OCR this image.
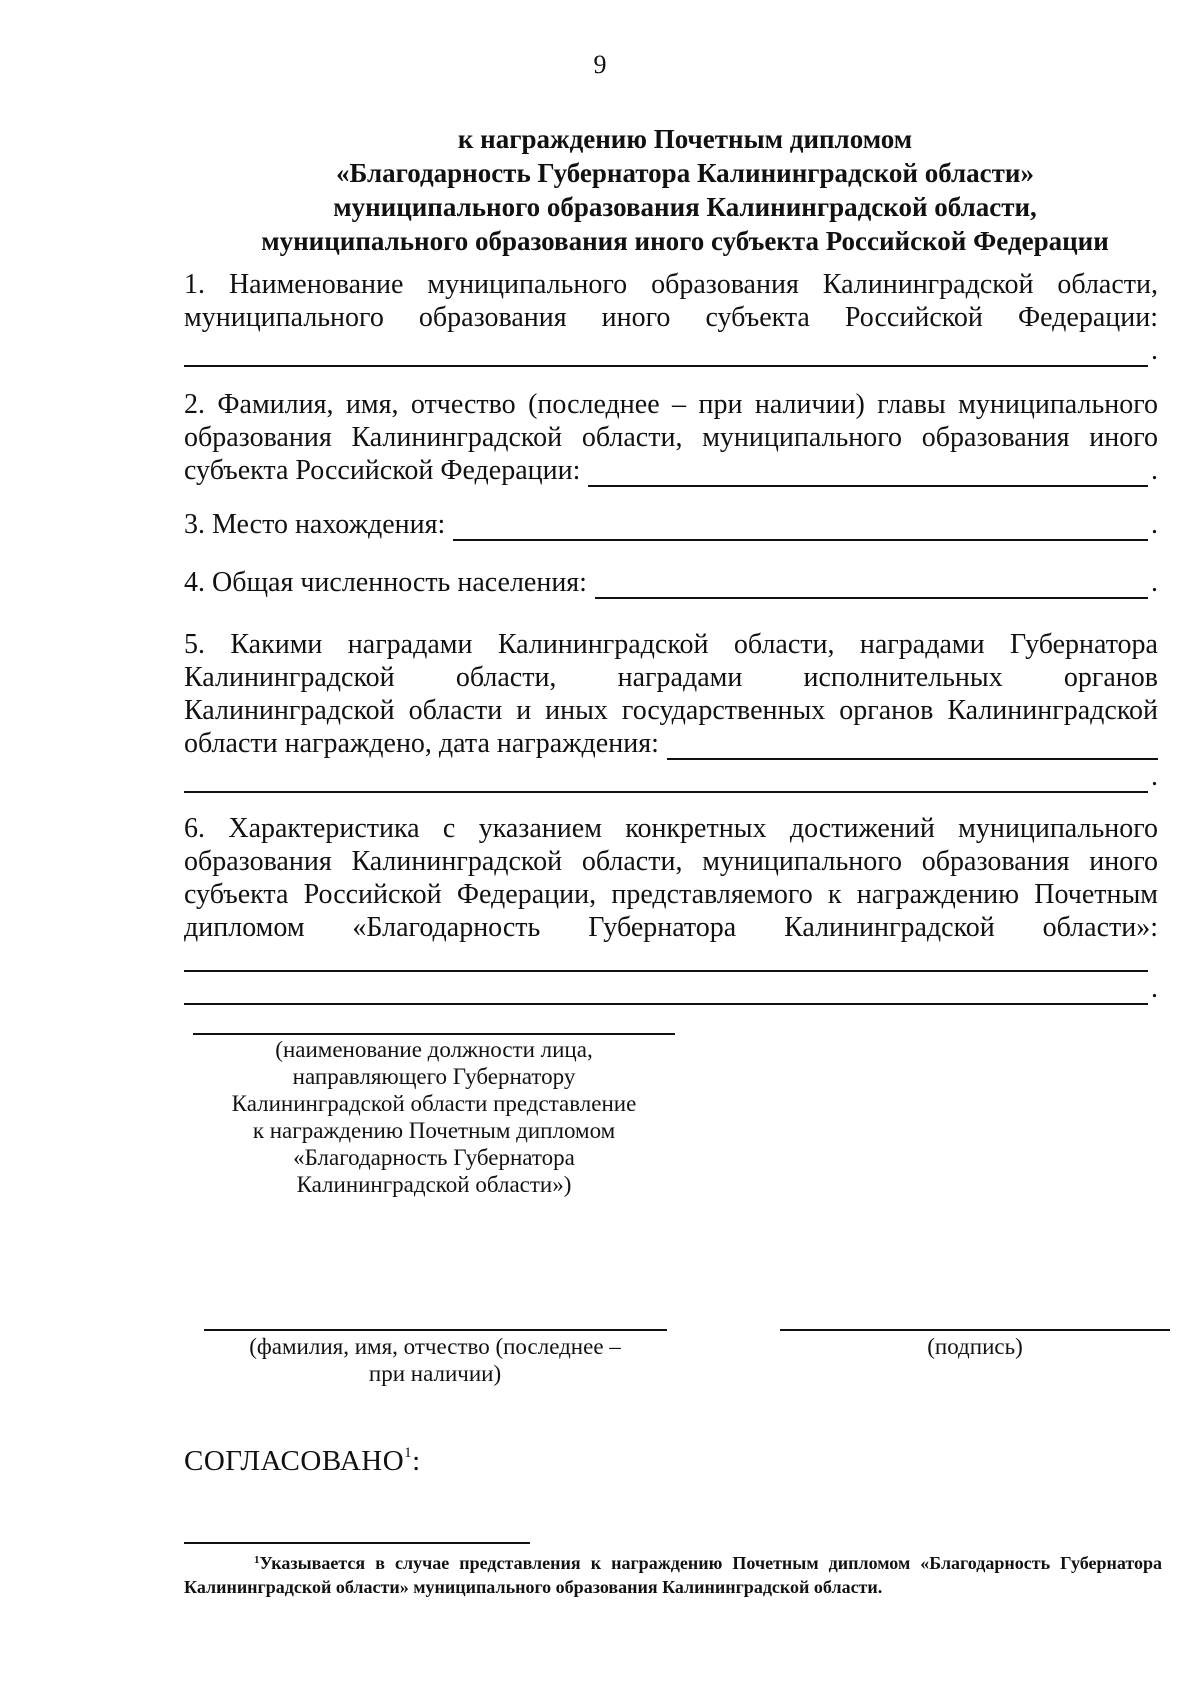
9
к награждению Почетным дипломом
«Благодарность Губернатора Калининградской области»
муниципального образования Калининградской области,
муниципального образования иного субъекта Российской Федерации
1. Наименование муниципального образования Калининградской области,
муниципального образования иного субъекта Российской Федерации:
.
2. Фамилия, имя, отчество (последнее – при наличии) главы муниципального
образования Калининградской области, муниципального образования иного
субъекта Российской Федерации:	.
3. Место нахождения:	.
4. Общая численность населения:	.
5. Какими наградами Калининградской области, наградами Губернатора
Калининградской области, наградами исполнительных органов
Калининградской области и иных государственных органов Калининградской
области награждено, дата награждения:
.
6. Характеристика с указанием конкретных достижений муниципального
образования Калининградской области, муниципального образования иного
субъекта Российской Федерации, представляемого к награждению Почетным
дипломом «Благодарность Губернатора Калининградской области»:
.
(наименование должности лица,
направляющего Губернатору
Калининградской области представление
к награждению Почетным дипломом
«Благодарность Губернатора
Калининградской области»)
(фамилия, имя, отчество (последнее –
при наличии)
(подпись)
СОГЛАСОВАНО$^1$:
$^1$Указывается в случае представления к награждению Почетным дипломом «Благодарность Губернатора
Калининградской области» муниципального образования Калининградской области.
